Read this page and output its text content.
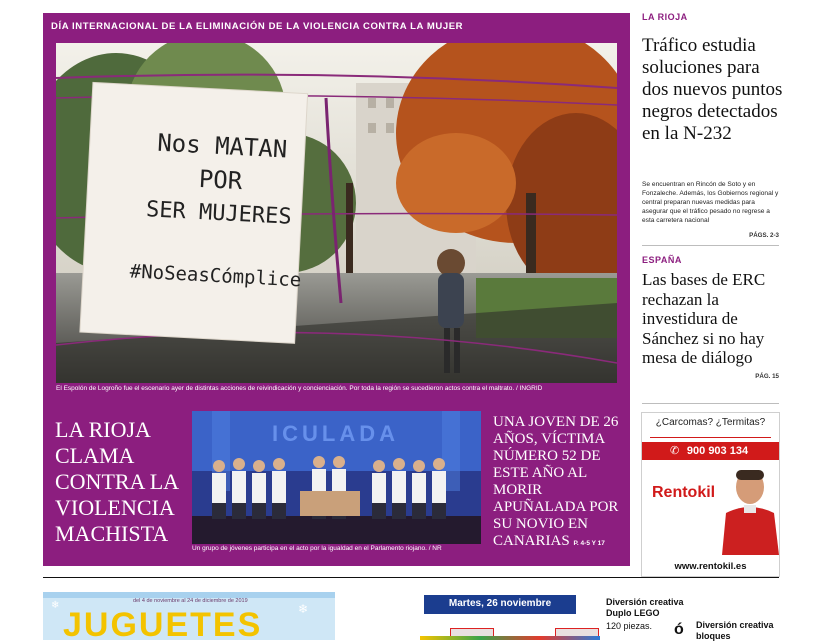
DÍA INTERNACIONAL DE LA ELIMINACIÓN DE LA VIOLENCIA CONTRA LA MUJER
Nos MATAN
POR
SER MUJERES
#NoSeasCómplice
El Espolón de Logroño fue el escenario ayer de distintas acciones de reivindicación y concienciación. Por toda la región se sucedieron actos contra el maltrato. / INGRID
LA RIOJA CLAMA CONTRA LA VIOLENCIA MACHISTA
ICULADA
Un grupo de jóvenes participa en el acto por la igualdad en el Parlamento riojano. / NR
UNA JOVEN DE 26 AÑOS, VÍCTIMA NÚMERO 52 DE ESTE AÑO AL MORIR APUÑALADA POR SU NOVIO EN CANARIAS P. 4-5 Y 17
LA RIOJA
Tráfico estudia soluciones para dos nuevos puntos negros detectados en la N-232
Se encuentran en Rincón de Soto y en Fonzaleche. Además, los Gobiernos regional y central preparan nuevas medidas para asegurar que el tráfico pesado no regrese a esta carretera nacional
PÁGS. 2-3
ESPAÑA
Las bases de ERC rechazan la investidura de Sánchez si no hay mesa de diálogo
PÁG. 15
¿Carcomas? ¿Termitas?
✆ 900 903 134
Rentokil
www.rentokil.es
del 4 de noviembre al 24 de diciembre de 2019
JUGUETES
❄	❄	Martes, 26 noviembre	Diversión creativa Duplo LEGO
120 piezas. ó Diversión creativa bloques
